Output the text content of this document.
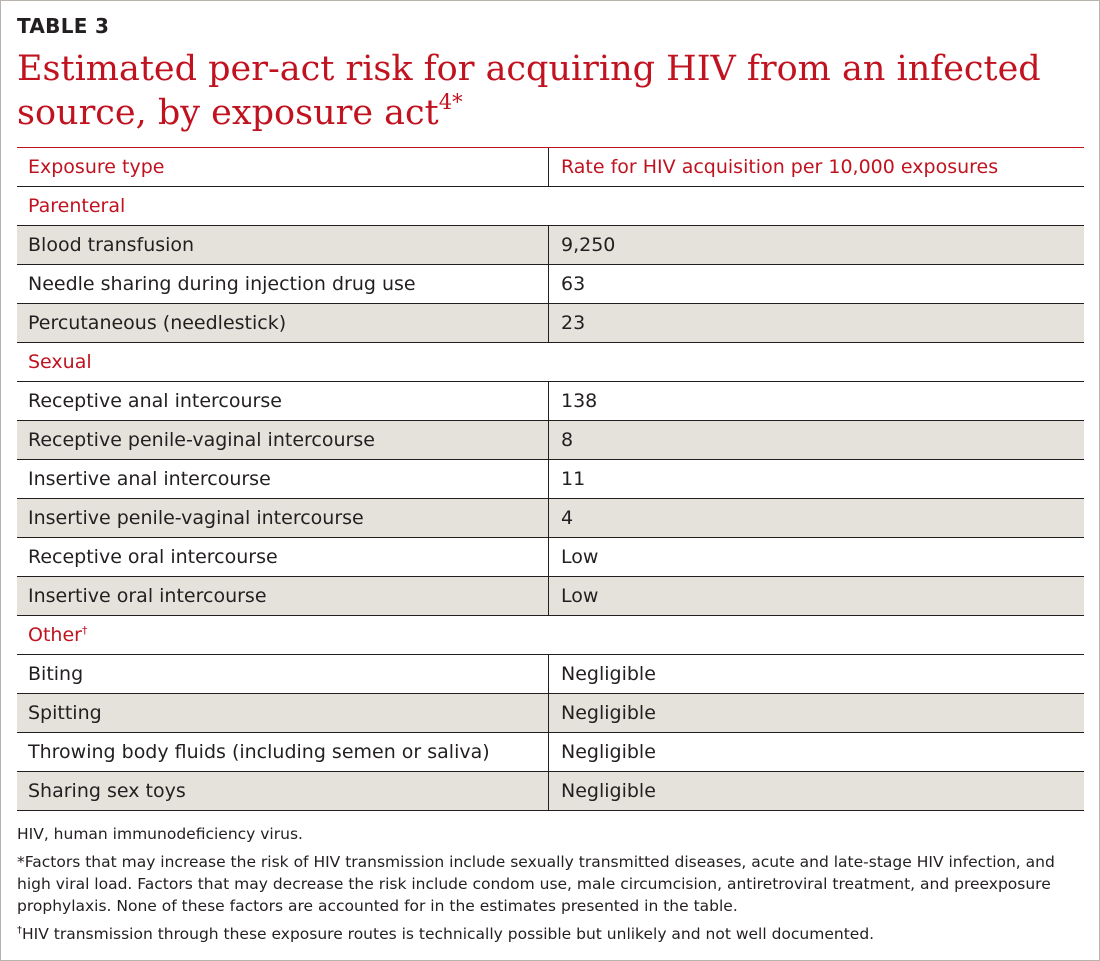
TABLE 3
Estimated per-act risk for acquiring HIV from an infected source, by exposure act$^{4*}$
Exposure type	Rate for HIV acquisition per 10,000 exposures
Parenteral	
Blood transfusion	9,250
Needle sharing during injection drug use	63
Percutaneous (needlestick)	23
Sexual	
Receptive anal intercourse	138
Receptive penile-vaginal intercourse	8
Insertive anal intercourse	11
Insertive penile-vaginal intercourse	4
Receptive oral intercourse	Low
Insertive oral intercourse	Low
Other†
Biting	Negligible
Spitting	Negligible
Throwing body fluids (including semen or saliva)	Negligible
Sharing sex toys	Negligible

HIV, human immunodeficiency virus.

*Factors that may increase the risk of HIV transmission include sexually transmitted diseases, acute and late-stage HIV infection, and high viral load. Factors that may decrease the risk include condom use, male circumcision, antiretroviral treatment, and preexposure prophylaxis. None of these factors are accounted for in the estimates presented in the table.

†HIV transmission through these exposure routes is technically possible but unlikely and not well documented.
